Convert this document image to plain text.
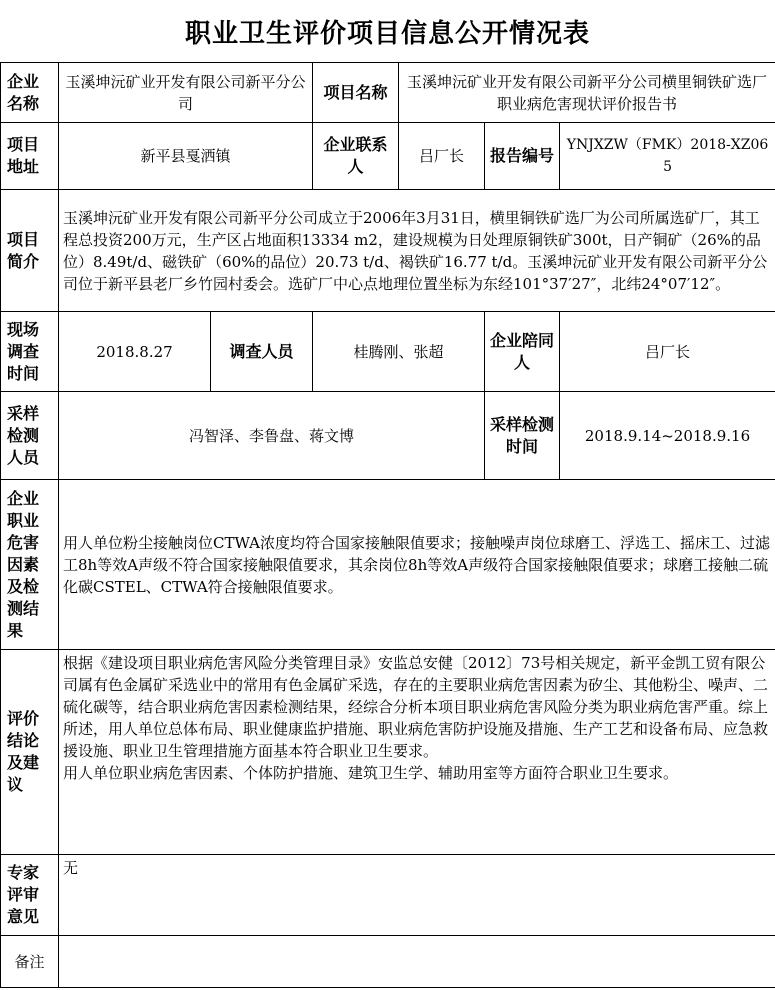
职业卫生评价项目信息公开情况表
企业名称	玉溪坤沅矿业开发有限公司新平分公司		项目名称	玉溪坤沅矿业开发有限公司新平分公司横里铜铁矿选厂职业病危害现状评价报告书		
项目地址	新平县戛洒镇		企业联系人	吕厂长	报告编号	YNJXZW（FMK）2018-XZ065
项目简介	玉溪坤沅矿业开发有限公司新平分公司成立于2006年3月31日，横里铜铁矿选厂为公司所属选矿厂，其工程总投资200万元，生产区占地面积13334 m2，建设规模为日处理原铜铁矿300t，日产铜矿（26%的品位）8.49t/d、磁铁矿（60%的品位）20.73 t/d、褐铁矿16.77 t/d。玉溪坤沅矿业开发有限公司新平分公司位于新平县老厂乡竹园村委会。选矿厂中心点地理位置坐标为东经101°37′27″，北纬24°07′12″。					
现场调查时间	2018.8.27	调查人员	桂腾刚、张超		企业陪同人	吕厂长
采样检测人员	冯智泽、李鲁盘、蒋文博				采样检测时间	2018.9.14~2018.9.16
企业职业危害因素及检测结果	用人单位粉尘接触岗位CTWA浓度均符合国家接触限值要求；接触噪声岗位球磨工、浮选工、摇床工、过滤工8h等效A声级不符合国家接触限值要求，其余岗位8h等效A声级符合国家接触限值要求；球磨工接触二硫化碳CSTEL、CTWA符合接触限值要求。					
评价结论及建议	根据《建设项目职业病危害风险分类管理目录》安监总安健〔2012〕73号相关规定，新平金凯工贸有限公司属有色金属矿采选业中的常用有色金属矿采选，存在的主要职业病危害因素为矽尘、其他粉尘、噪声、二硫化碳等，结合职业病危害因素检测结果，经综合分析本项目职业病危害风险分类为职业病危害严重。综上所述，用人单位总体布局、职业健康监护措施、职业病危害防护设施及措施、生产工艺和设备布局、应急救援设施、职业卫生管理措施方面基本符合职业卫生要求。
用人单位职业病危害因素、个体防护措施、建筑卫生学、辅助用室等方面符合职业卫生要求。					

专家评审意见	无					
备注						
